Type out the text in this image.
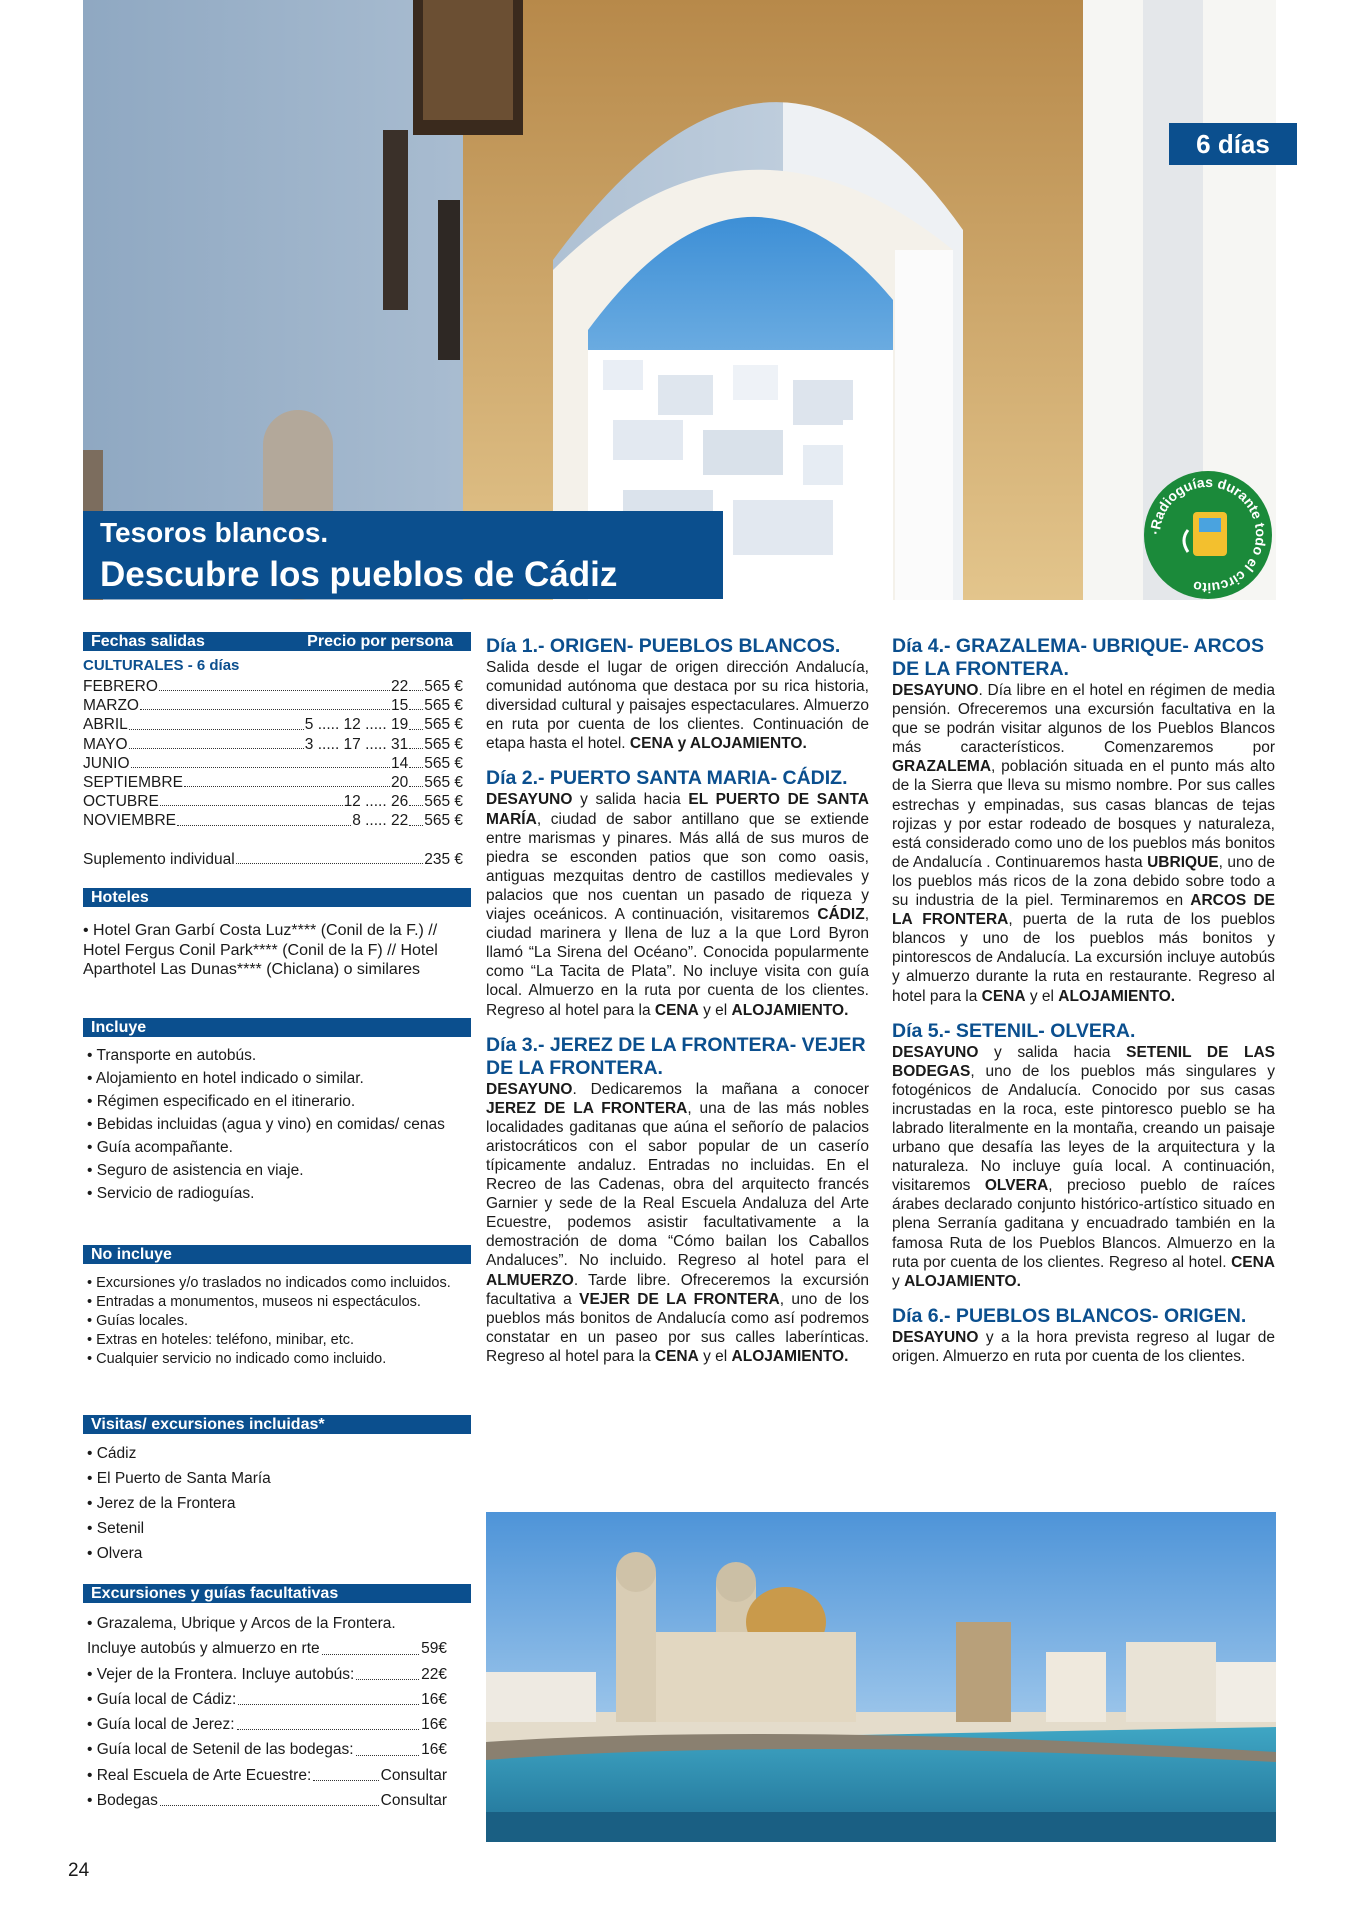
6 días
Tesoros blancos.
Descubre los pueblos de Cádiz
·Radioguías durante todo el circuito
Fechas salidas	Precio por persona
CULTURALES - 6 días
FEBRERO	22 565 €
MARZO	15 565 €
ABRIL	5 ..... 12 ..... 19 565 €
MAYO	3 ..... 17 ..... 31 565 €
JUNIO	14 565 €
SEPTIEMBRE	20 565 €
OCTUBRE	12 ..... 26 565 €
NOVIEMBRE	8 ..... 22 565 €
Suplemento individual	235 €
Hoteles
• Hotel Gran Garbí Costa Luz**** (Conil de la F.) // Hotel Fergus Conil Park**** (Conil de la F) // Hotel Aparthotel Las Dunas**** (Chiclana) o similares
Incluye
• Transporte en autobús.
• Alojamiento en hotel indicado o similar.
• Régimen especificado en el itinerario.
• Bebidas incluidas (agua y vino) en comidas/ cenas
• Guía acompañante.
• Seguro de asistencia en viaje.
• Servicio de radioguías.
No incluye
• Excursiones y/o traslados no indicados como incluidos.
• Entradas a monumentos, museos ni espectáculos.
• Guías locales.
• Extras en hoteles: teléfono, minibar, etc.
• Cualquier servicio no indicado como incluido.
Visitas/ excursiones incluidas*
• Cádiz
• El Puerto de Santa María
• Jerez de la Frontera
• Setenil
• Olvera
Excursiones y guías facultativas
• Grazalema, Ubrique y Arcos de la Frontera.
Incluye autobús y almuerzo en rte	59€
• Vejer de la Frontera. Incluye autobús:	22€
• Guía local de Cádiz:	16€
• Guía local de Jerez:	16€
• Guía local de Setenil de las bodegas:	16€
• Real Escuela de Arte Ecuestre:	Consultar
• Bodegas	Consultar
Día 1.- ORIGEN- PUEBLOS BLANCOS.

Salida desde el lugar de origen dirección Andalucía, comunidad autónoma que destaca por su rica historia, diversidad cultural y paisajes espectaculares. Almuerzo en ruta por cuenta de los clientes. Continuación de etapa hasta el hotel. CENA y ALOJAMIENTO.

Día 2.- PUERTO SANTA MARIA- CÁDIZ.

DESAYUNO y salida hacia EL PUERTO DE SANTA MARÍA, ciudad de sabor antillano que se extiende entre marismas y pinares. Más allá de sus muros de piedra se esconden patios que son como oasis, antiguas mezquitas dentro de castillos medievales y palacios que nos cuentan un pasado de riqueza y viajes oceánicos. A continuación, visitaremos CÁDIZ, ciudad marinera y llena de luz a la que Lord Byron llamó “La Sirena del Océano”. Conocida popularmente como “La Tacita de Plata”. No incluye visita con guía local. Almuerzo en la ruta por cuenta de los clientes. Regreso al hotel para la CENA y el ALOJAMIENTO.

Día 3.- JEREZ DE LA FRONTERA- VEJER DE LA FRONTERA.

DESAYUNO. Dedicaremos la mañana a conocer JEREZ DE LA FRONTERA, una de las más nobles localidades gaditanas que aúna el señorío de palacios aristocráticos con el sabor popular de un caserío típicamente andaluz. Entradas no incluidas. En el Recreo de las Cadenas, obra del arquitecto francés Garnier y sede de la Real Escuela Andaluza del Arte Ecuestre, podemos asistir facultativamente a la demostración de doma “Cómo bailan los Caballos Andaluces”. No incluido. Regreso al hotel para el ALMUERZO. Tarde libre. Ofreceremos la excursión facultativa a VEJER DE LA FRONTERA, uno de los pueblos más bonitos de Andalucía como así podremos constatar en un paseo por sus calles laberínticas. Regreso al hotel para la CENA y el ALOJAMIENTO.

Día 4.- GRAZALEMA- UBRIQUE- ARCOS DE LA FRONTERA.

DESAYUNO. Día libre en el hotel en régimen de media pensión. Ofreceremos una excursión facultativa en la que se podrán visitar algunos de los Pueblos Blancos más característicos. Comenzaremos por GRAZALEMA, población situada en el punto más alto de la Sierra que lleva su mismo nombre. Por sus calles estrechas y empinadas, sus casas blancas de tejas rojizas y por estar rodeado de bosques y naturaleza, está considerado como uno de los pueblos más bonitos de Andalucía . Continuaremos hasta UBRIQUE, uno de los pueblos más ricos de la zona debido sobre todo a su industria de la piel. Terminaremos en ARCOS DE LA FRONTERA, puerta de la ruta de los pueblos blancos y uno de los pueblos más bonitos y pintorescos de Andalucía. La excursión incluye autobús y almuerzo durante la ruta en restaurante. Regreso al hotel para la CENA y el ALOJAMIENTO.

Día 5.- SETENIL- OLVERA.

DESAYUNO y salida hacia SETENIL DE LAS BODEGAS, uno de los pueblos más singulares y fotogénicos de Andalucía. Conocido por sus casas incrustadas en la roca, este pintoresco pueblo se ha labrado literalmente en la montaña, creando un paisaje urbano que desafía las leyes de la arquitectura y la naturaleza. No incluye guía local. A continuación, visitaremos OLVERA, precioso pueblo de raíces árabes declarado conjunto histórico-artístico situado en plena Serranía gaditana y encuadrado también en la famosa Ruta de los Pueblos Blancos. Almuerzo en la ruta por cuenta de los clientes. Regreso al hotel. CENA y ALOJAMIENTO.

Día 6.- PUEBLOS BLANCOS- ORIGEN.

DESAYUNO y a la hora prevista regreso al lugar de origen. Almuerzo en ruta por cuenta de los clientes.

24
